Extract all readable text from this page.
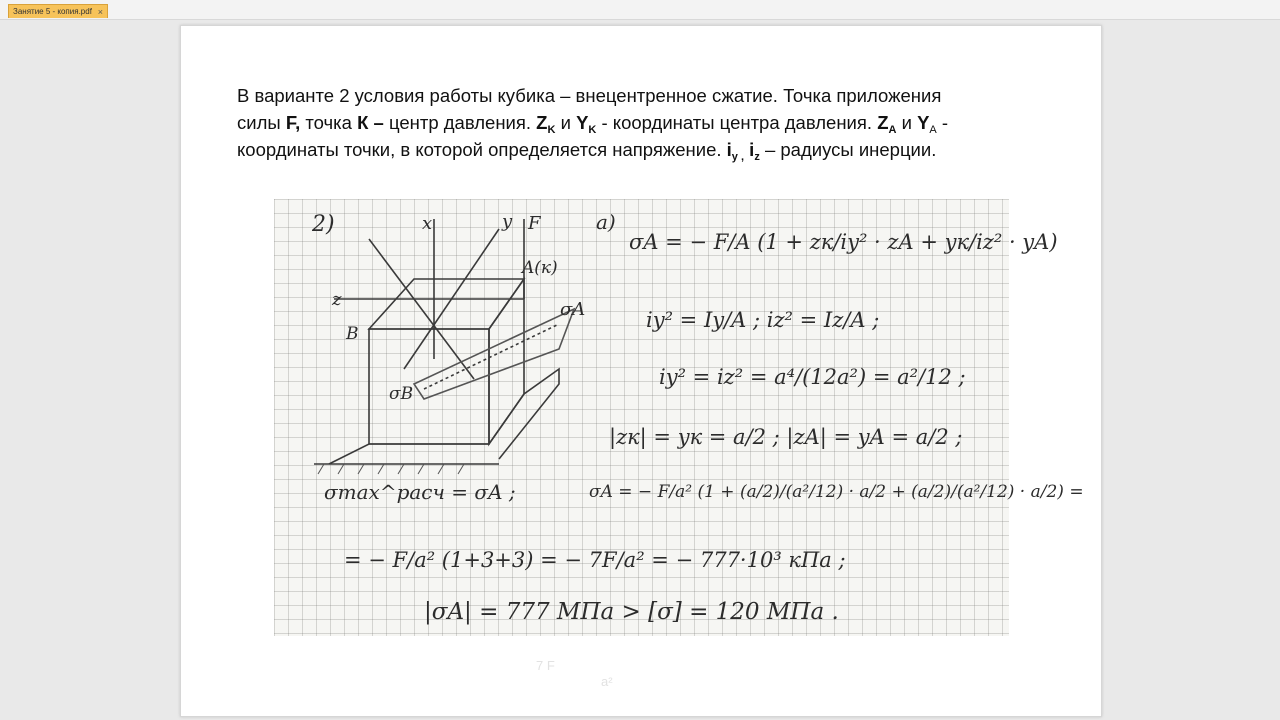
Занятие 5 - копия.pdf ×
В варианте 2 условия работы кубика – внецентренное сжатие. Точка приложения
силы F, точка К – центр давления. $Z_K$ и $Y_K$ - координаты центра давления. $Z_A$ и $Y_A$ -
координаты точки, в которой определяется напряжение. $i_{y ,}$ $i_z$ – радиусы инерции.
2)	x	y F
z
A(к)
B
σA
σB
a)
σA = − F/A (1 + zк/iy² · zA + yк/iz² · yA)
iy² = Iy/A ; iz² = Iz/A ;
iy² = iz² = a⁴/(12a²) = a²/12 ;
|zк| = yк = a/2 ; |zA| = yA = a/2 ;
σmax^расч = σA ;	σA = − F/a² (1 + (a/2)/(a²/12) · a/2 + (a/2)/(a²/12) · a/2) =
= − F/a² (1+3+3) = − 7F/a² = − 777·10³ кПа ;
|σA| = 777 МПа > [σ] = 120 МПа .
7 F
a²
